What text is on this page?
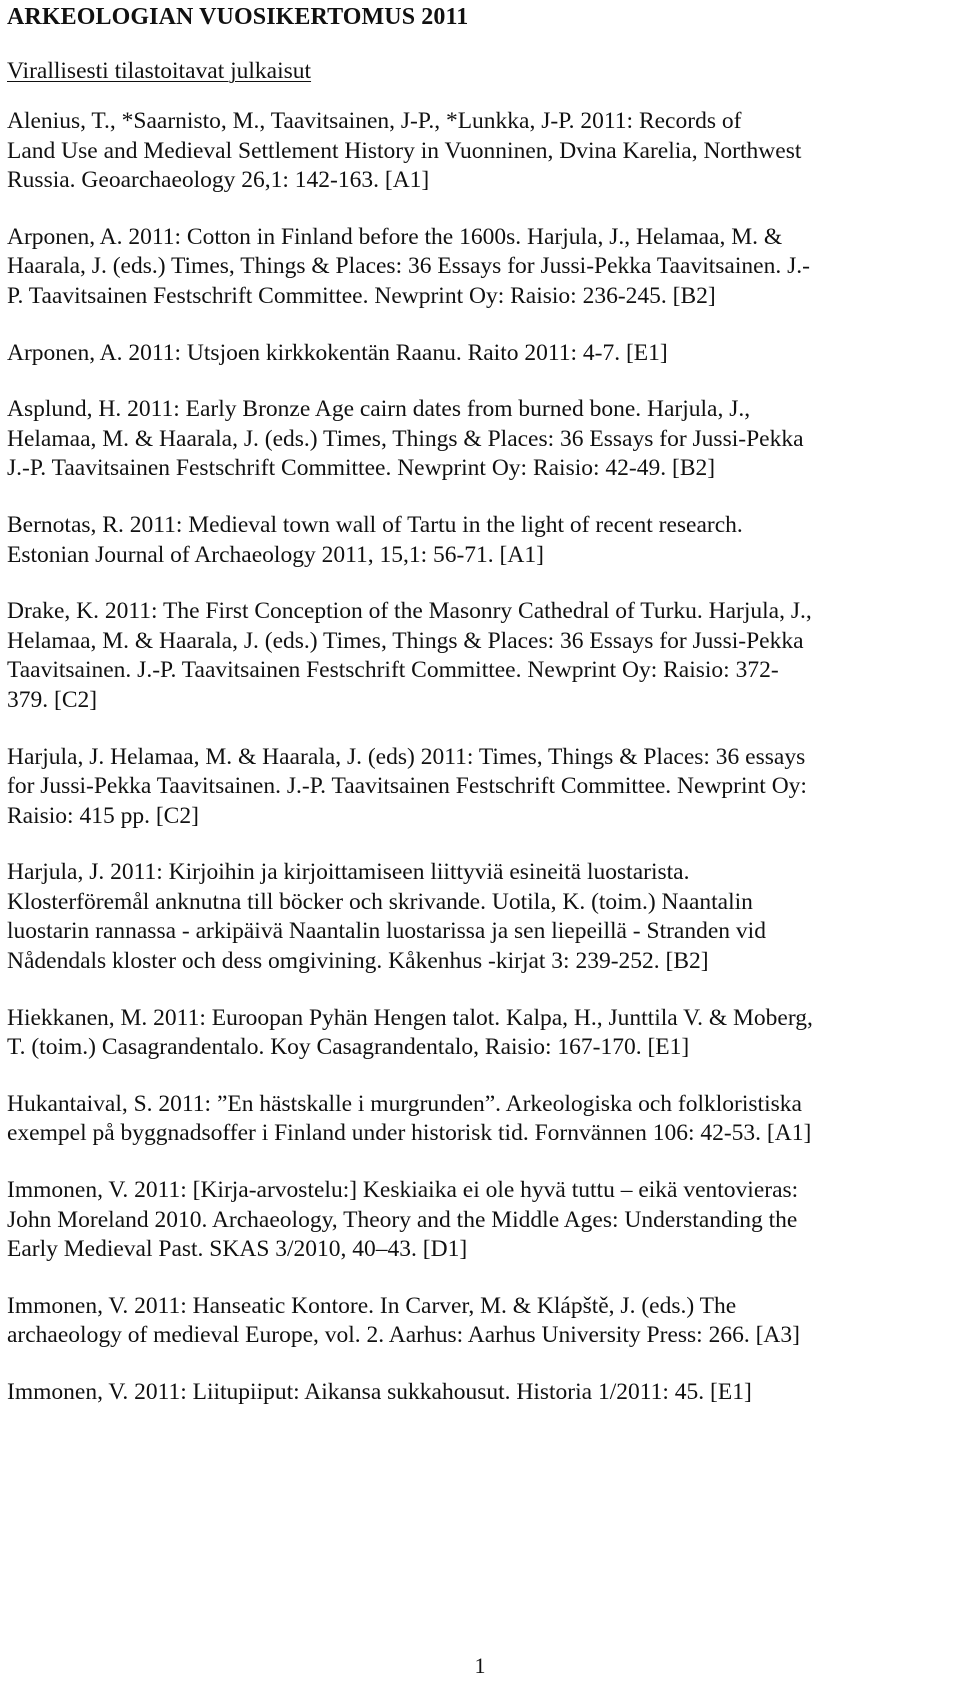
ARKEOLOGIAN VUOSIKERTOMUS 2011
Virallisesti tilastoitavat julkaisut
Alenius, T., *Saarnisto, M., Taavitsainen, J-P., *Lunkka, J-P. 2011: Records of
Land Use and Medieval Settlement History in Vuonninen, Dvina Karelia, Northwest
Russia. Geoarchaeology 26,1: 142-163. [A1]
Arponen, A. 2011: Cotton in Finland before the 1600s. Harjula, J., Helamaa, M. &
Haarala, J. (eds.) Times, Things & Places: 36 Essays for Jussi-Pekka Taavitsainen. J.-
P. Taavitsainen Festschrift Committee. Newprint Oy: Raisio: 236-245. [B2]
Arponen, A. 2011: Utsjoen kirkkokentän Raanu. Raito 2011: 4-7. [E1]
Asplund, H. 2011: Early Bronze Age cairn dates from burned bone. Harjula, J.,
Helamaa, M. & Haarala, J. (eds.) Times, Things & Places: 36 Essays for Jussi-Pekka
J.-P. Taavitsainen Festschrift Committee. Newprint Oy: Raisio: 42-49. [B2]
Bernotas, R. 2011: Medieval town wall of Tartu in the light of recent research.
Estonian Journal of Archaeology 2011, 15,1: 56-71. [A1]
Drake, K. 2011: The First Conception of the Masonry Cathedral of Turku. Harjula, J.,
Helamaa, M. & Haarala, J. (eds.) Times, Things & Places: 36 Essays for Jussi-Pekka
Taavitsainen. J.-P. Taavitsainen Festschrift Committee. Newprint Oy: Raisio: 372-
379. [C2]
Harjula, J. Helamaa, M. & Haarala, J. (eds) 2011: Times, Things & Places: 36 essays
for Jussi-Pekka Taavitsainen. J.-P. Taavitsainen Festschrift Committee. Newprint Oy:
Raisio: 415 pp. [C2]
Harjula, J. 2011: Kirjoihin ja kirjoittamiseen liittyviä esineitä luostarista.
Klosterföremål anknutna till böcker och skrivande. Uotila, K. (toim.) Naantalin
luostarin rannassa - arkipäivä Naantalin luostarissa ja sen liepeillä - Stranden vid
Nådendals kloster och dess omgivining. Kåkenhus -kirjat 3: 239-252. [B2]
Hiekkanen, M. 2011: Euroopan Pyhän Hengen talot. Kalpa, H., Junttila V. & Moberg,
T. (toim.) Casagrandentalo. Koy Casagrandentalo, Raisio: 167-170. [E1]
Hukantaival, S. 2011: ”En hästskalle i murgrunden”. Arkeologiska och folkloristiska
exempel på byggnadsoffer i Finland under historisk tid. Fornvännen 106: 42-53. [A1]
Immonen, V. 2011: [Kirja-arvostelu:] Keskiaika ei ole hyvä tuttu – eikä ventovieras:
John Moreland 2010. Archaeology, Theory and the Middle Ages: Understanding the
Early Medieval Past. SKAS 3/2010, 40–43. [D1]
Immonen, V. 2011: Hanseatic Kontore. In Carver, M. & Klápště, J. (eds.) The
archaeology of medieval Europe, vol. 2. Aarhus: Aarhus University Press: 266. [A3]
Immonen, V. 2011: Liitupiiput: Aikansa sukkahousut. Historia 1/2011: 45. [E1]
1
